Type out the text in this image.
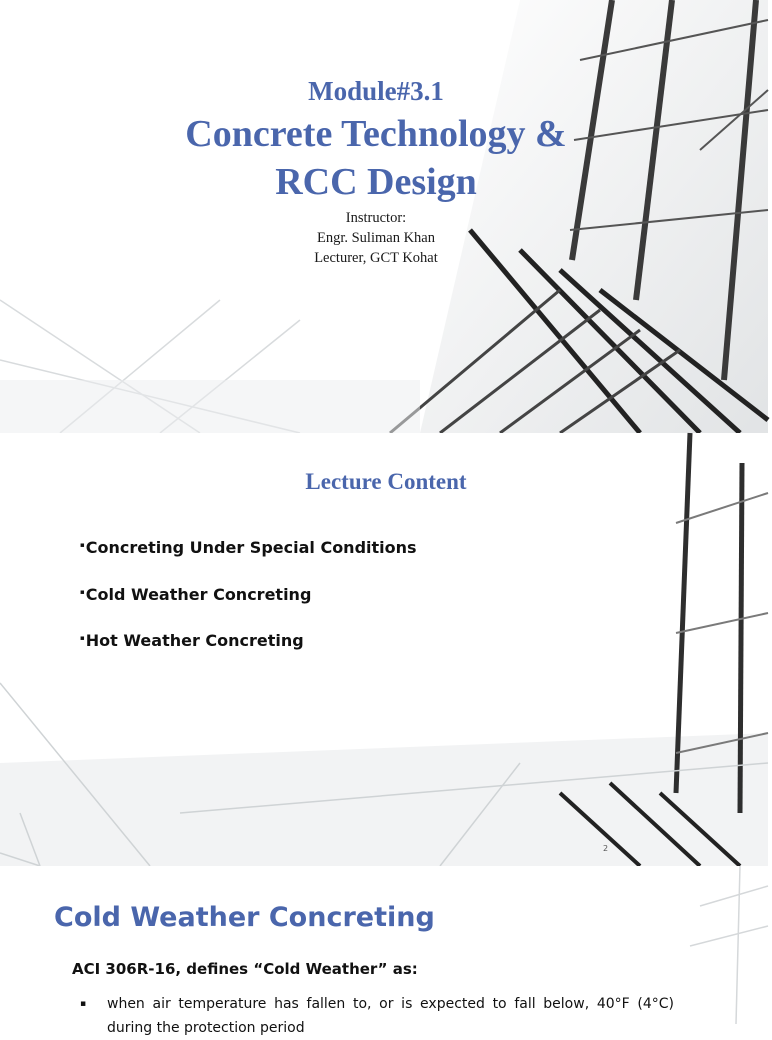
Module#3.1
Concrete Technology &
RCC Design
Instructor:
Engr. Suliman Khan
Lecturer, GCT Kohat
Lecture Content
▪ Concreting Under Special Conditions
▪ Cold Weather Concreting
▪ Hot Weather Concreting
2
Cold Weather Concreting
ACI 306R-16, defines “Cold Weather” as:
▪ when air temperature has fallen to, or is expected to fall below, 40°F (4°C) during the protection period
